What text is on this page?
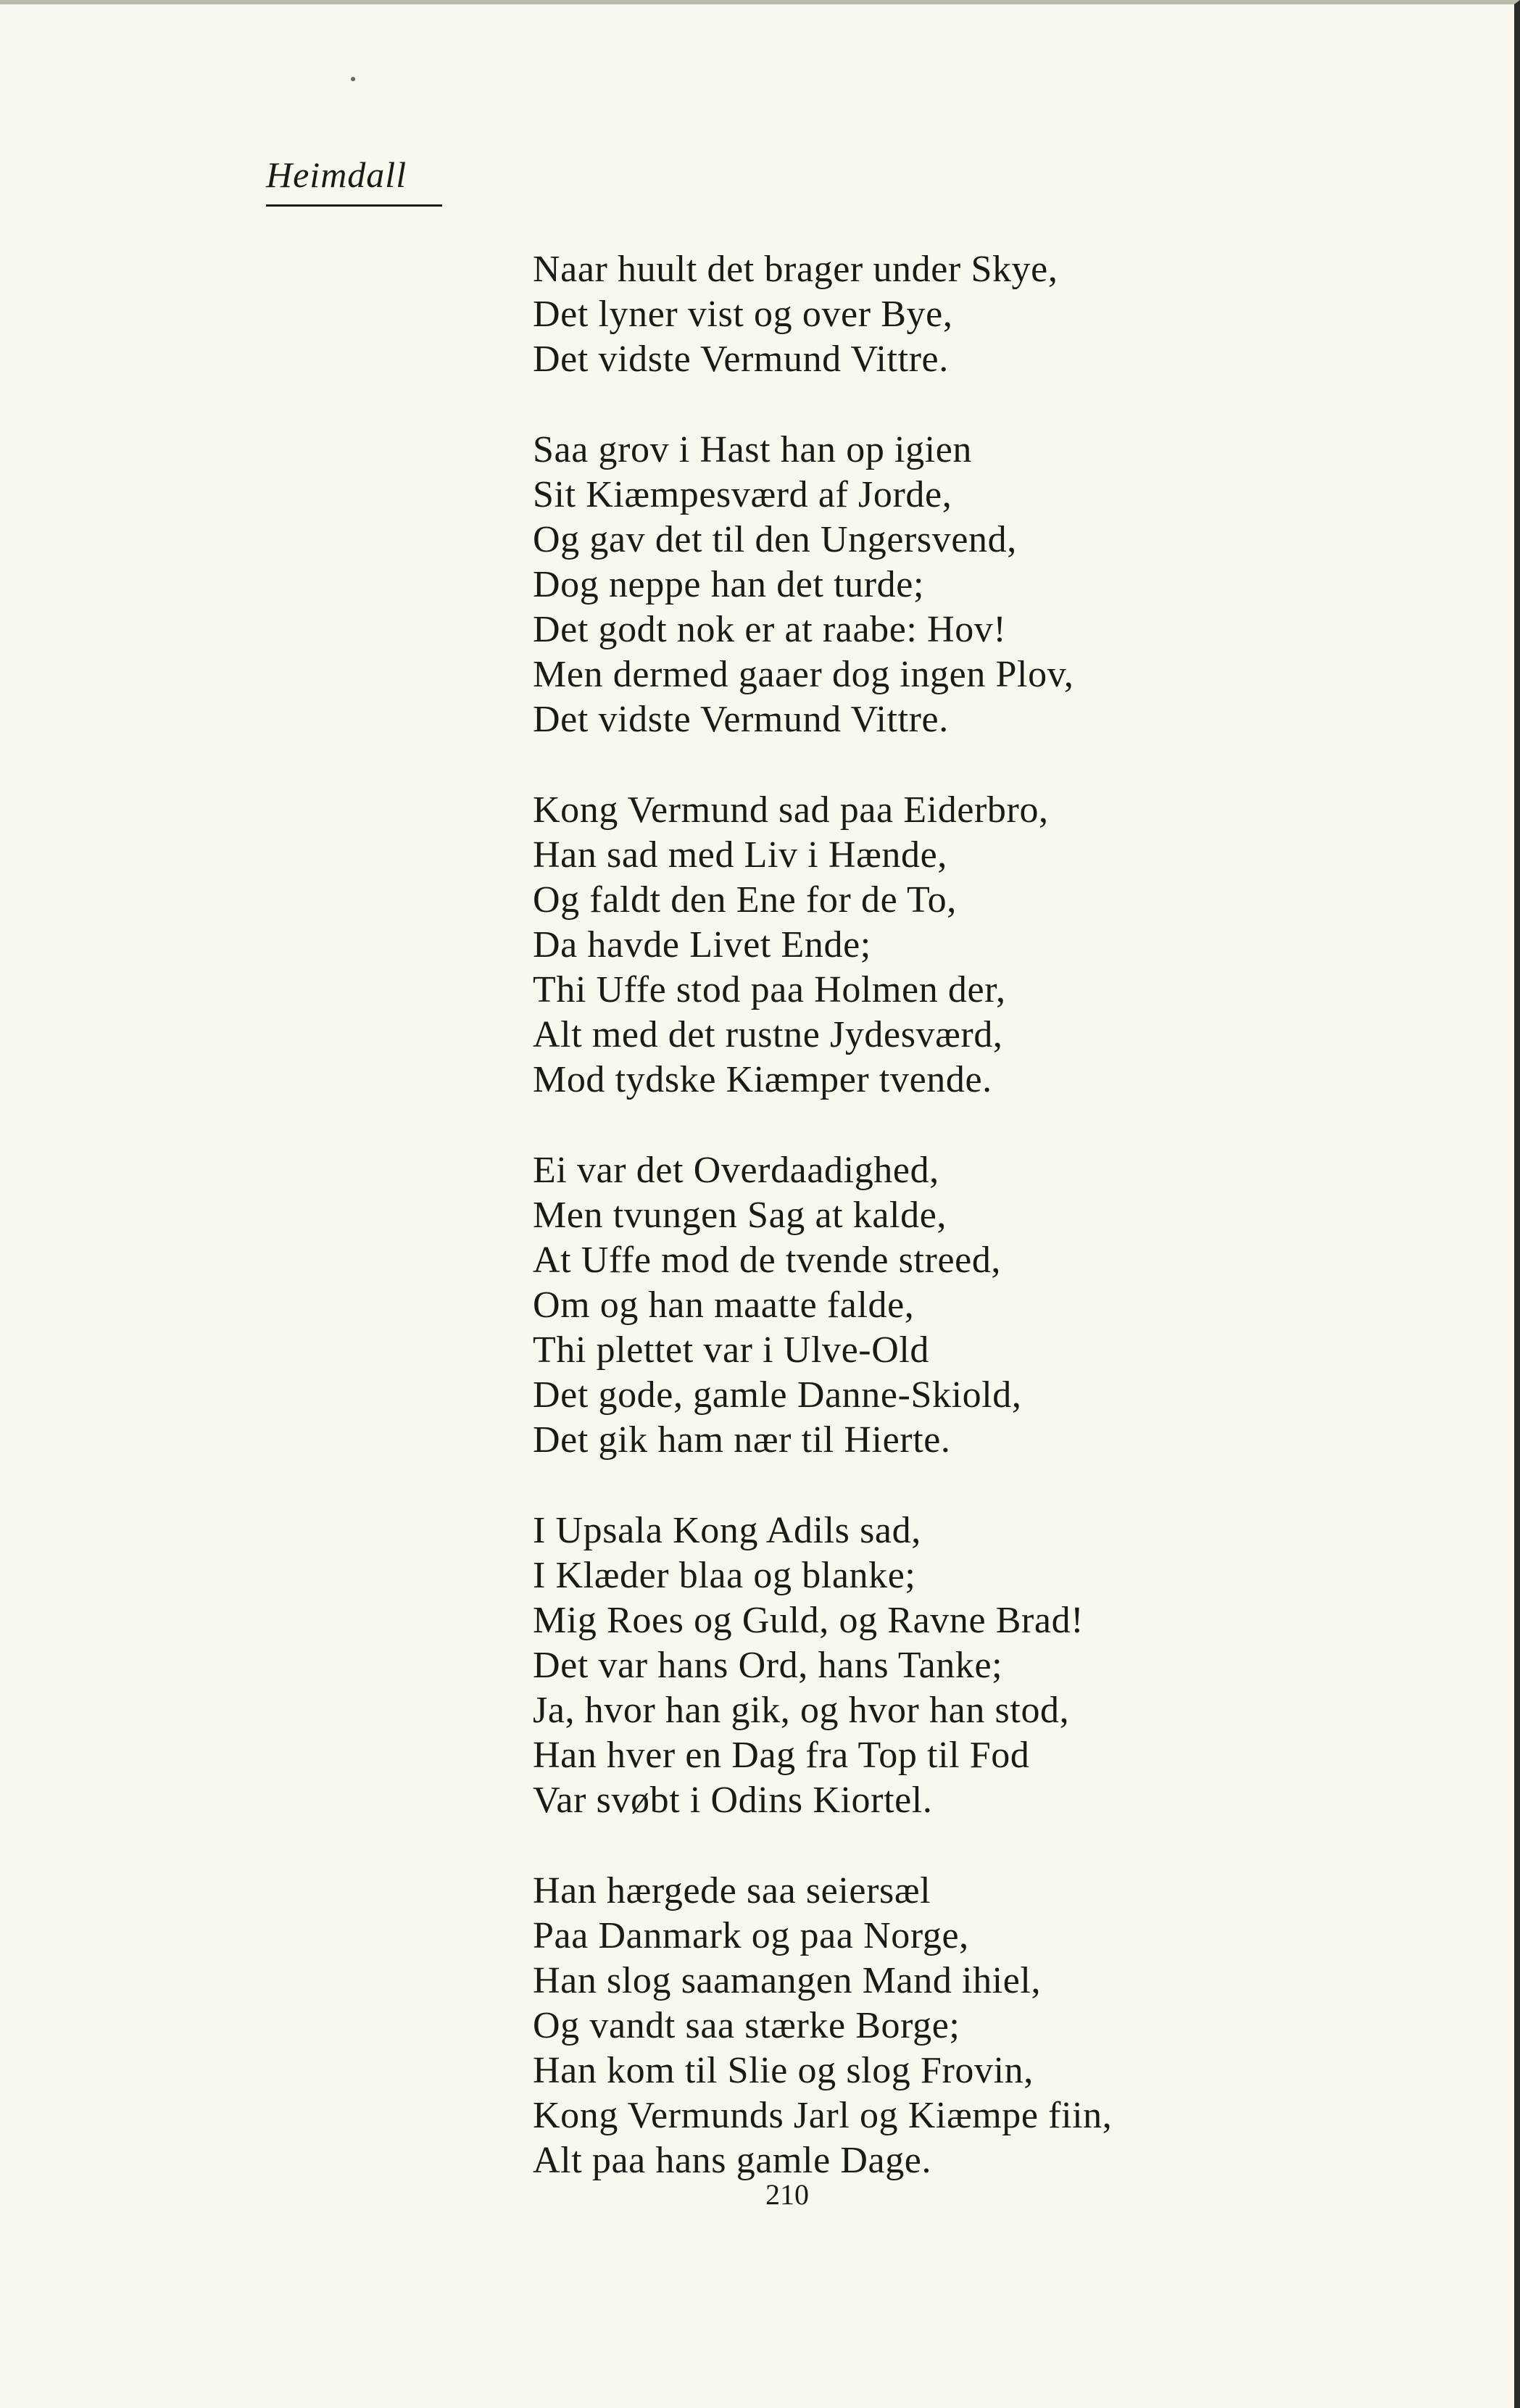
Heimdall
Naar huult det brager under Skye,
Det lyner vist og over Bye,
Det vidste Vermund Vittre.
Saa grov i Hast han op igien
Sit Kiæmpesværd af Jorde,
Og gav det til den Ungersvend,
Dog neppe han det turde;
Det godt nok er at raabe: Hov!
Men dermed gaaer dog ingen Plov,
Det vidste Vermund Vittre.
Kong Vermund sad paa Eiderbro,
Han sad med Liv i Hænde,
Og faldt den Ene for de To,
Da havde Livet Ende;
Thi Uffe stod paa Holmen der,
Alt med det rustne Jydesværd,
Mod tydske Kiæmper tvende.
Ei var det Overdaadighed,
Men tvungen Sag at kalde,
At Uffe mod de tvende streed,
Om og han maatte falde,
Thi plettet var i Ulve-Old
Det gode, gamle Danne-Skiold,
Det gik ham nær til Hierte.
I Upsala Kong Adils sad,
I Klæder blaa og blanke;
Mig Roes og Guld, og Ravne Brad!
Det var hans Ord, hans Tanke;
Ja, hvor han gik, og hvor han stod,
Han hver en Dag fra Top til Fod
Var svøbt i Odins Kiortel.
Han hærgede saa seiersæl
Paa Danmark og paa Norge,
Han slog saamangen Mand ihiel,
Og vandt saa stærke Borge;
Han kom til Slie og slog Frovin,
Kong Vermunds Jarl og Kiæmpe fiin,
Alt paa hans gamle Dage.
210
